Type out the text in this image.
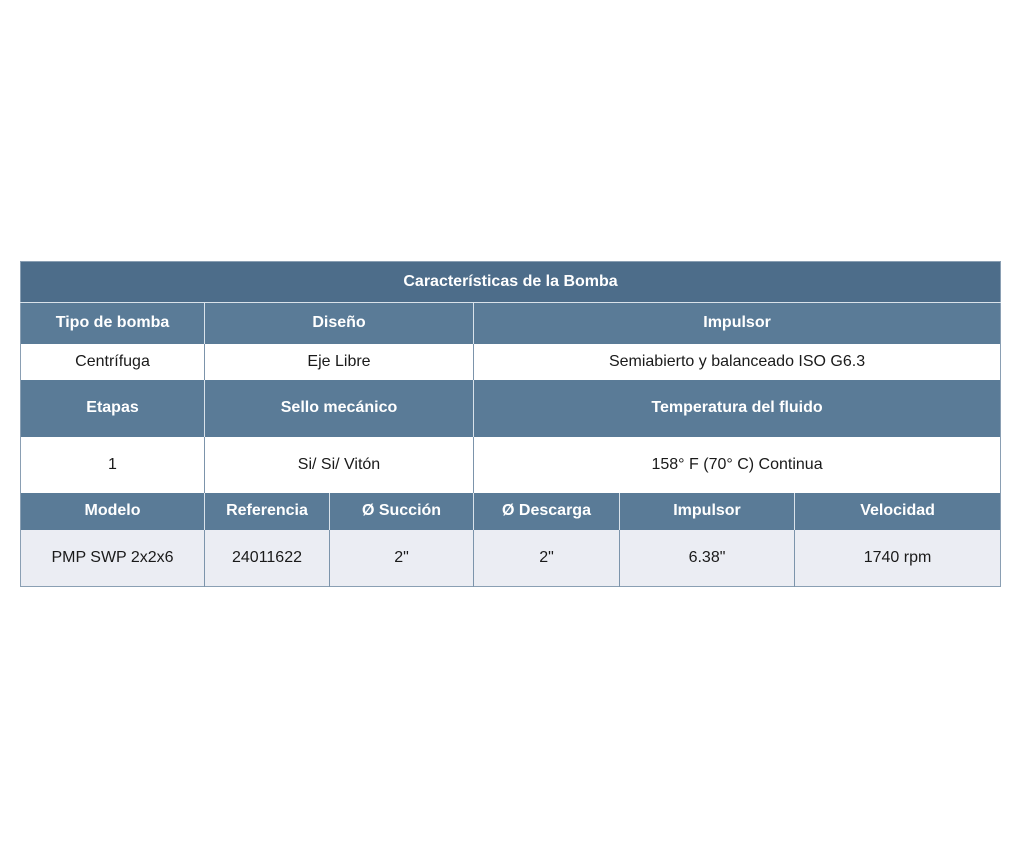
Características de la Bomba					
Tipo de bomba	Diseño		Impulsor		
Centrífuga	Eje Libre		Semiabierto y balanceado ISO G6.3		
Etapas	Sello mecánico		Temperatura del fluido		
1	Si/ Si/ Vitón		158° F (70° C) Continua		
Modelo	Referencia	Ø Succión	Ø Descarga	Impulsor	Velocidad
PMP SWP 2x2x6	24011622	2"	2"	6.38"	1740 rpm
